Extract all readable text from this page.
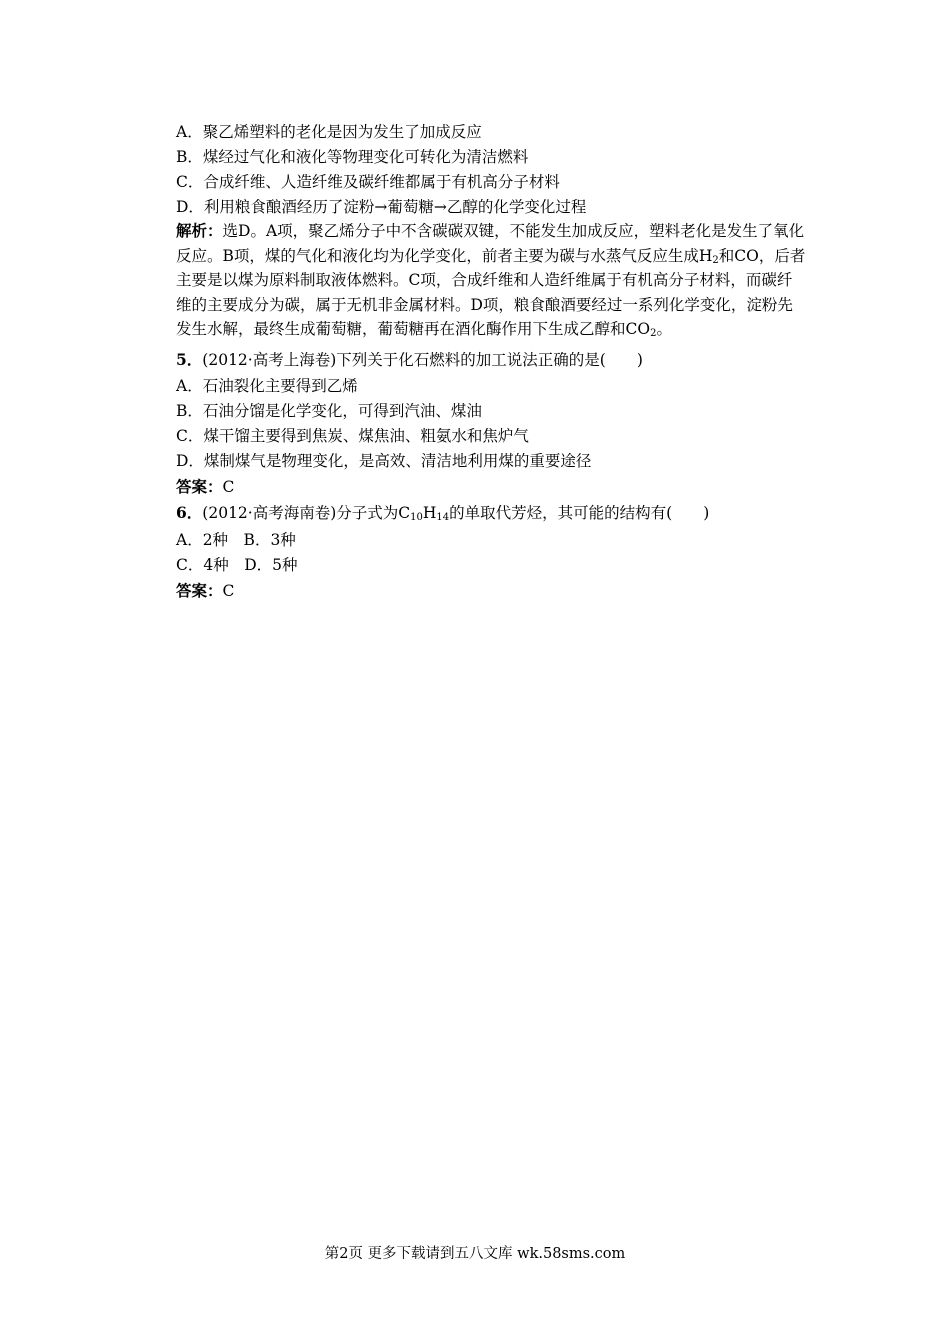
A．聚乙烯塑料的老化是因为发生了加成反应
B．煤经过气化和液化等物理变化可转化为清洁燃料
C．合成纤维、人造纤维及碳纤维都属于有机高分子材料
D．利用粮食酿酒经历了淀粉→葡萄糖→乙醇的化学变化过程
解析：选D。A项，聚乙烯分子中不含碳碳双键，不能发生加成反应，塑料老化是发生了氧化反应。B项，煤的气化和液化均为化学变化，前者主要为碳与水蒸气反应生成$H_2$和CO，后者主要是以煤为原料制取液体燃料。C项，合成纤维和人造纤维属于有机高分子材料，而碳纤维的主要成分为碳，属于无机非金属材料。D项，粮食酿酒要经过一系列化学变化，淀粉先发生水解，最终生成葡萄糖，葡萄糖再在酒化酶作用下生成乙醇和$CO_2$。
5．(2012·高考上海卷)下列关于化石燃料的加工说法正确的是(　　)
A．石油裂化主要得到乙烯
B．石油分馏是化学变化，可得到汽油、煤油
C．煤干馏主要得到焦炭、煤焦油、粗氨水和焦炉气
D．煤制煤气是物理变化，是高效、清洁地利用煤的重要途径
答案：C
6．(2012·高考海南卷)分子式为$C_{10}H_{14}$的单取代芳烃，其可能的结构有(　　)
A．2种　B．3种
C．4种　D．5种
答案：C
第2页 更多下载请到五八文库 wk.58sms.com
